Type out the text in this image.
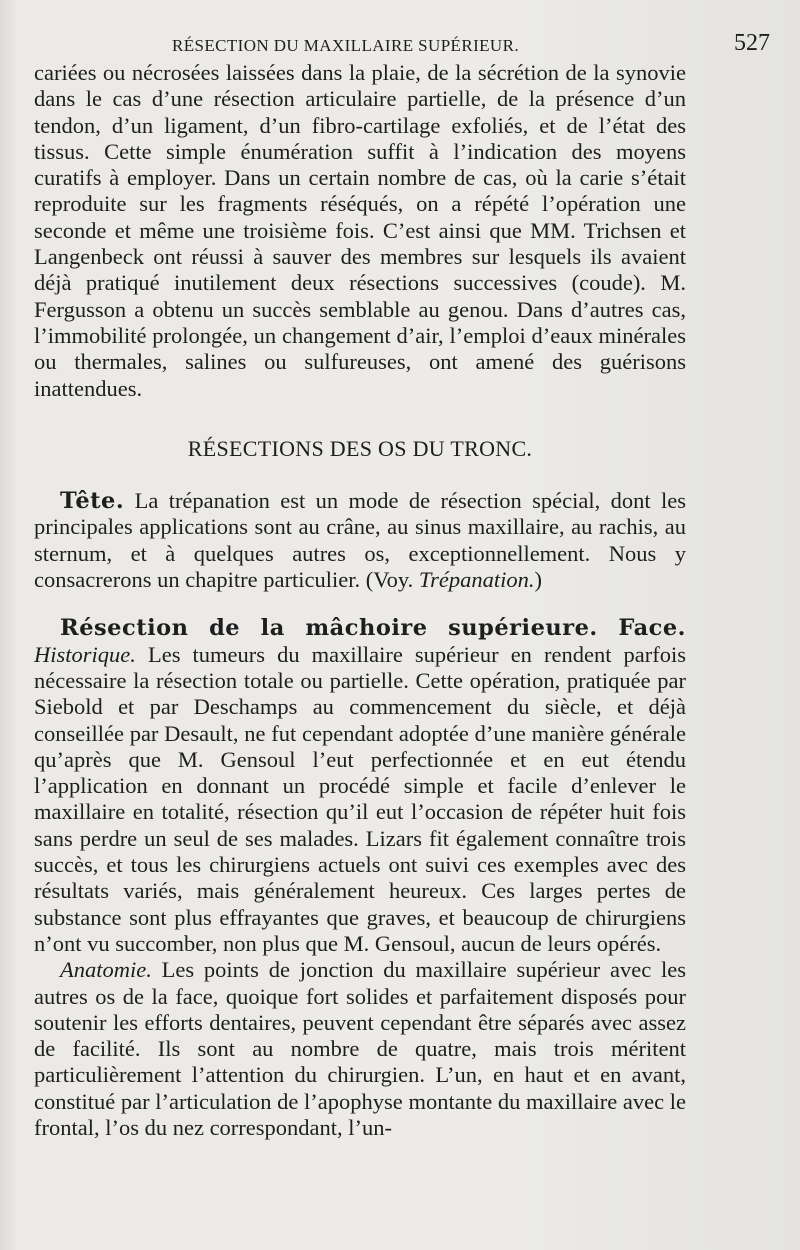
RÉSECTION DU MAXILLAIRE SUPÉRIEUR.	527

cariées ou nécrosées laissées dans la plaie, de la sécrétion de la synovie dans le cas d’une résection articulaire partielle, de la présence d’un tendon, d’un ligament, d’un fibro-cartilage exfoliés, et de l’état des tissus. Cette simple énumération suffit à l’indication des moyens curatifs à employer. Dans un certain nombre de cas, où la carie s’était reproduite sur les fragments réséqués, on a répété l’opération une seconde et même une troisième fois. C’est ainsi que MM. Trichsen et Langenbeck ont réussi à sauver des membres sur lesquels ils avaient déjà pratiqué inutilement deux résections successives (coude). M. Fergusson a obtenu un succès semblable au genou. Dans d’autres cas, l’immobilité prolongée, un changement d’air, l’emploi d’eaux minérales ou thermales, salines ou sulfureuses, ont amené des guérisons inattendues.

RÉSECTIONS DES OS DU TRONC.

Tête. La trépanation est un mode de résection spécial, dont les principales applications sont au crâne, au sinus maxillaire, au rachis, au sternum, et à quelques autres os, exceptionnellement. Nous y consacrerons un chapitre particulier. (Voy. Trépanation.)

Résection de la mâchoire supérieure. Face. Historique. Les tumeurs du maxillaire supérieur en rendent parfois nécessaire la résection totale ou partielle. Cette opération, pratiquée par Siebold et par Deschamps au commencement du siècle, et déjà conseillée par Desault, ne fut cependant adoptée d’une manière générale qu’après que M. Gensoul l’eut perfectionnée et en eut étendu l’application en donnant un procédé simple et facile d’enlever le maxillaire en totalité, résection qu’il eut l’occasion de répéter huit fois sans perdre un seul de ses malades. Lizars fit également connaître trois succès, et tous les chirurgiens actuels ont suivi ces exemples avec des résultats variés, mais généralement heureux. Ces larges pertes de substance sont plus effrayantes que graves, et beaucoup de chirurgiens n’ont vu succomber, non plus que M. Gensoul, aucun de leurs opérés.

Anatomie. Les points de jonction du maxillaire supérieur avec les autres os de la face, quoique fort solides et parfaitement disposés pour soutenir les efforts dentaires, peuvent cependant être séparés avec assez de facilité. Ils sont au nombre de quatre, mais trois méritent particulièrement l’attention du chirurgien. L’un, en haut et en avant, constitué par l’articulation de l’apophyse montante du maxillaire avec le frontal, l’os du nez correspondant, l’un-
